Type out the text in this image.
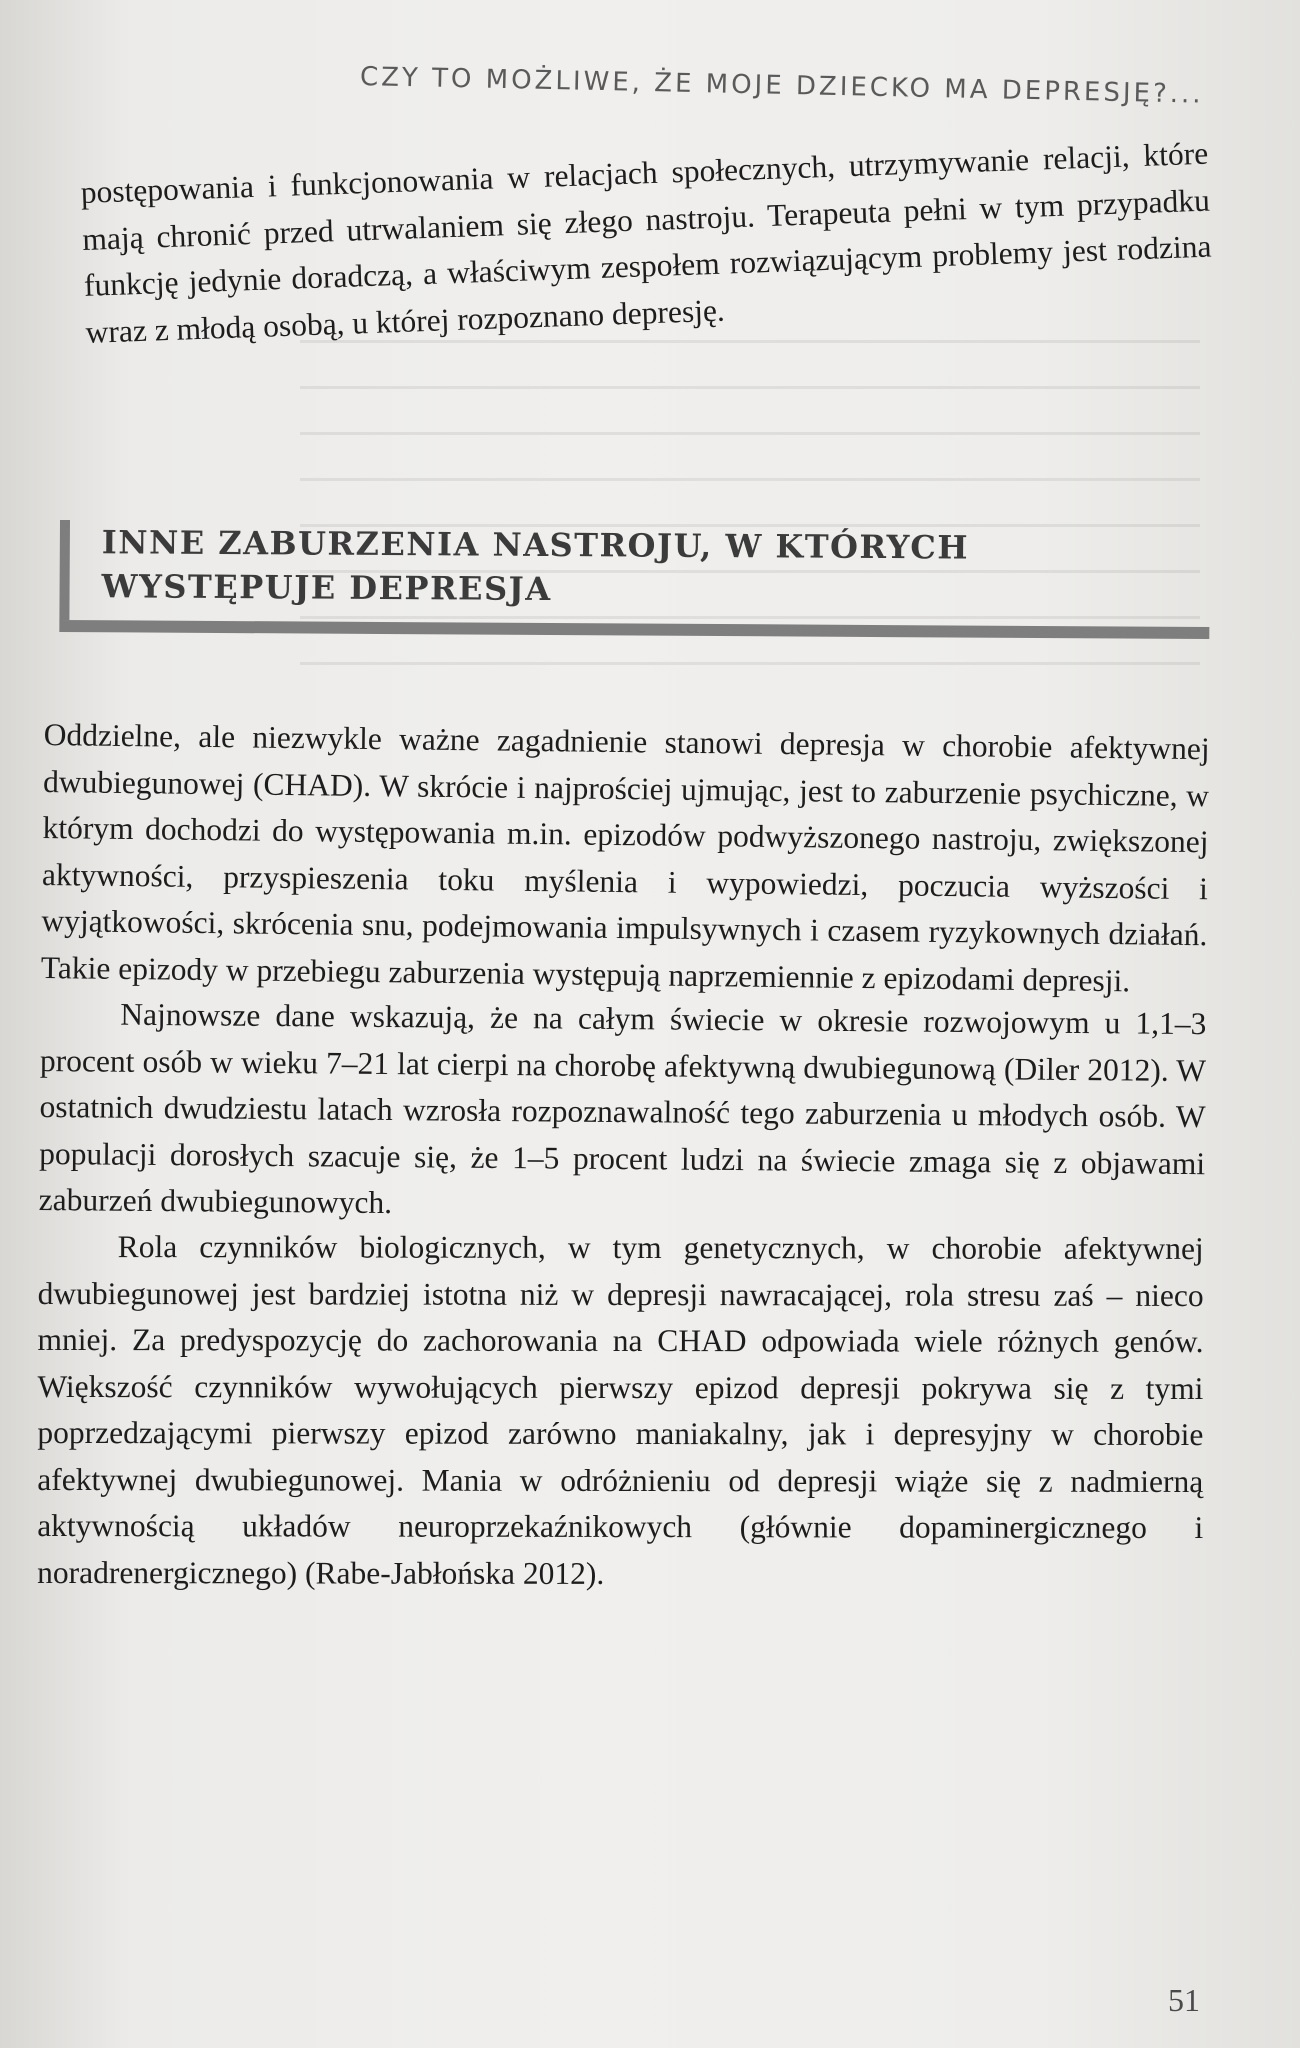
CZY TO MOŻLIWE, ŻE MOJE DZIECKO MA DEPRESJĘ?...

postępowania i funkcjonowania w relacjach społecznych, utrzymywanie relacji, które mają chronić przed utrwalaniem się złego nastroju. Terapeuta pełni w tym przypadku funkcję jedynie doradczą, a właściwym zespołem rozwiązującym problemy jest rodzina wraz z młodą osobą, u której rozpoznano depresję.

INNE ZABURZENIA NASTROJU, W KTÓRYCH
WYSTĘPUJE DEPRESJA

Oddzielne, ale niezwykle ważne zagadnienie stanowi depresja w chorobie afektywnej dwubiegunowej (CHAD). W skrócie i najprościej ujmując, jest to zaburzenie psychiczne, w którym dochodzi do występowania m.in. epizodów podwyższonego nastroju, zwiększonej aktywności, przyspieszenia toku myślenia i wypowiedzi, poczucia wyższości i wyjątkowości, skrócenia snu, podejmowania impulsywnych i czasem ryzykownych działań. Takie epizody w przebiegu zaburzenia występują naprzemiennie z epizodami depresji.

Najnowsze dane wskazują, że na całym świecie w okresie rozwojowym u 1,1–3 procent osób w wieku 7–21 lat cierpi na chorobę afektywną dwubiegunową (Diler 2012). W ostatnich dwudziestu latach wzrosła rozpoznawalność tego zaburzenia u młodych osób. W populacji dorosłych szacuje się, że 1–5 procent ludzi na świecie zmaga się z objawami zaburzeń dwubiegunowych.

Rola czynników biologicznych, w tym genetycznych, w chorobie afektywnej dwubiegunowej jest bardziej istotna niż w depresji nawracającej, rola stresu zaś – nieco mniej. Za predyspozycję do zachorowania na CHAD odpowiada wiele różnych genów. Większość czynników wywołujących pierwszy epizod depresji pokrywa się z tymi poprzedzającymi pierwszy epizod zarówno maniakalny, jak i depresyjny w chorobie afektywnej dwubiegunowej. Mania w odróżnieniu od depresji wiąże się z nadmierną aktywnością układów neuroprzekaźnikowych (głównie dopaminergicznego i noradrenergicznego) (Rabe-Jabłońska 2012).

51
